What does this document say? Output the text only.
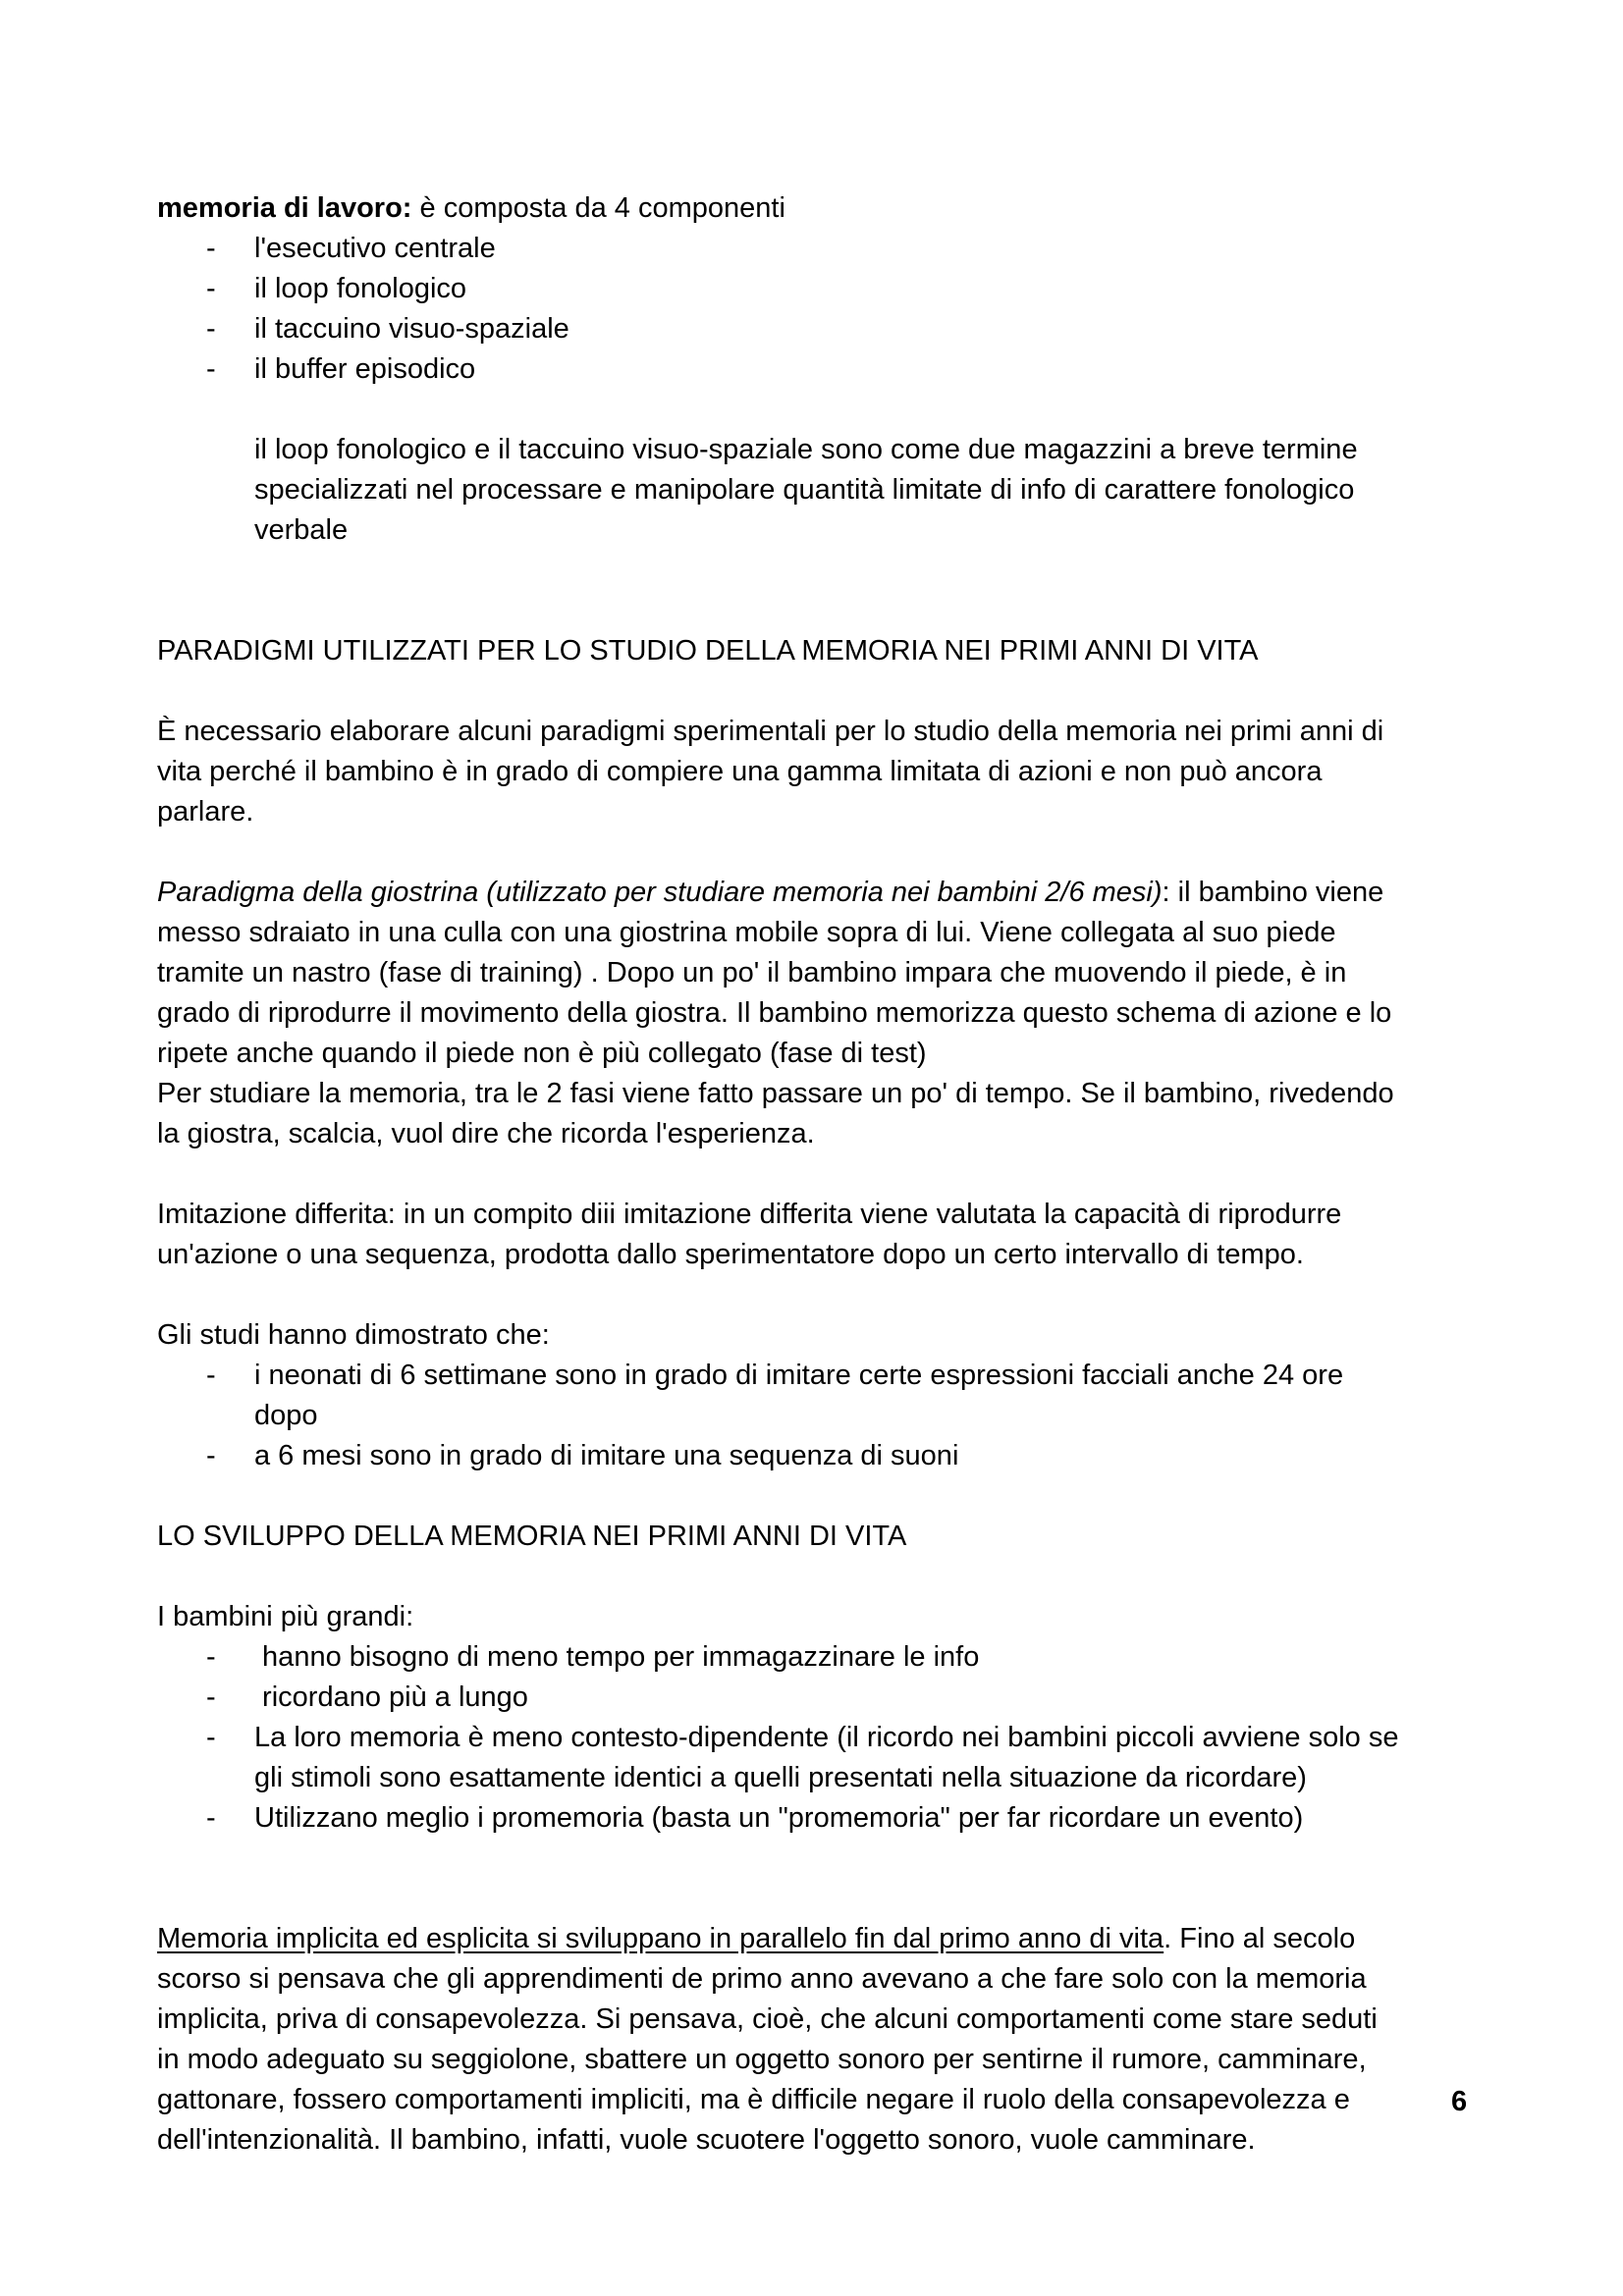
memoria di lavoro: è composta da 4 componenti

- l'esecutivo centrale
- il loop fonologico
- il taccuino visuo-spaziale
- il buffer episodico

il loop fonologico e il taccuino visuo-spaziale sono come due magazzini a breve termine

specializzati nel processare e manipolare quantità limitate di info di carattere fonologico

verbale

PARADIGMI UTILIZZATI PER LO STUDIO DELLA MEMORIA NEI PRIMI ANNI DI VITA

È necessario elaborare alcuni paradigmi sperimentali per lo studio della memoria nei primi anni di

vita perché il bambino è in grado di compiere una gamma limitata di azioni e non può ancora

parlare.

Paradigma della giostrina (utilizzato per studiare memoria nei bambini 2/6 mesi): il bambino viene

messo sdraiato in una culla con una giostrina mobile sopra di lui. Viene collegata al suo piede

tramite un nastro (fase di training) . Dopo un po' il bambino impara che muovendo il piede, è in

grado di riprodurre il movimento della giostra. Il bambino memorizza questo schema di azione e lo

ripete anche quando il piede non è più collegato (fase di test)

Per studiare la memoria, tra le 2 fasi viene fatto passare un po' di tempo. Se il bambino, rivedendo

la giostra, scalcia, vuol dire che ricorda l'esperienza.

Imitazione differita: in un compito diii imitazione differita viene valutata la capacità di riprodurre

un'azione o una sequenza, prodotta dallo sperimentatore dopo un certo intervallo di tempo.

Gli studi hanno dimostrato che:

- i neonati di 6 settimane sono in grado di imitare certe espressioni facciali anche 24 ore
dopo
- a 6 mesi sono in grado di imitare una sequenza di suoni

LO SVILUPPO DELLA MEMORIA NEI PRIMI ANNI DI VITA

I bambini più grandi:

- hanno bisogno di meno tempo per immagazzinare le info
- ricordano più a lungo
- La loro memoria è meno contesto-dipendente (il ricordo nei bambini piccoli avviene solo se
gli stimoli sono esattamente identici a quelli presentati nella situazione da ricordare)
- Utilizzano meglio i promemoria (basta un "promemoria" per far ricordare un evento)

Memoria implicita ed esplicita si sviluppano in parallelo fin dal primo anno di vita. Fino al secolo

scorso si pensava che gli apprendimenti de primo anno avevano a che fare solo con la memoria

implicita, priva di consapevolezza. Si pensava, cioè, che alcuni comportamenti come stare seduti

in modo adeguato su seggiolone, sbattere un oggetto sonoro per sentirne il rumore, camminare,

gattonare, fossero comportamenti impliciti, ma è difficile negare il ruolo della consapevolezza e

dell'intenzionalità. Il bambino, infatti, vuole scuotere l'oggetto sonoro, vuole camminare.

6
